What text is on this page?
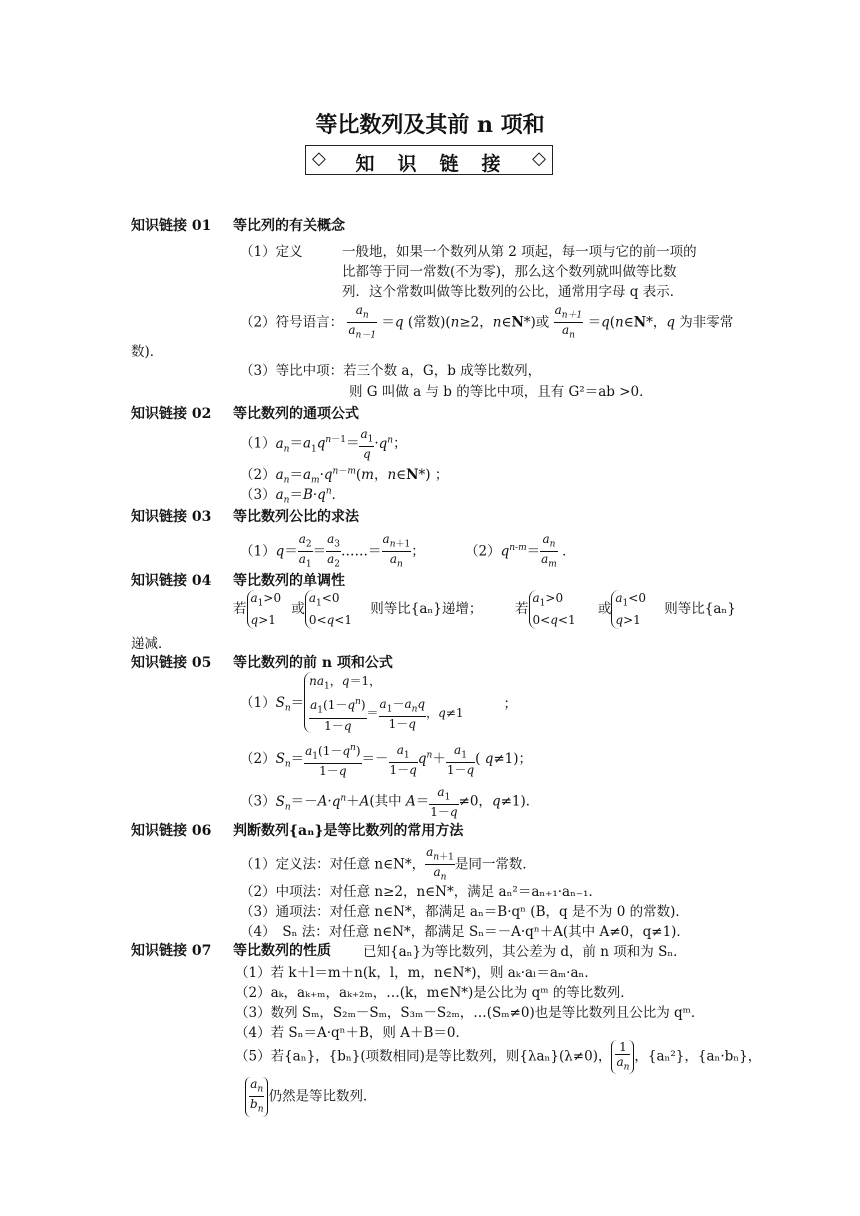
等比数列及其前 n 项和
◇	知　识　链　接	◇
知识链接 01 等比列的有关概念
（1）定义	一般地，如果一个数列从第 2 项起，每一项与它的前一项的
比都等于同一常数(不为零)，那么这个数列就叫做等比数
列．这个常数叫做等比数列的公比，通常用字母 q 表示．
（2）符号语言： $\frac{a_n}{a_{n-1}} =q$ (常数)(n≥2，n∈N*)或 $\frac{a_{n+1}}{a_n}$ ＝q(n∈N*，q 为非零常
数)．
（3）等比中项：若三个数 a，G，b 成等比数列，
则 G 叫做 a 与 b 的等比中项，且有 G²＝ab >0．
知识链接 02 等比数列的通项公式
$(1)a_n=a_1q^{n-1}= \frac{a_1}{q} \cdot q^n$；
$(2)a_n=a_m\cdot q^{n-m}(m$，n∈N*) ；
$(3)a_n=B\cdot q^n$．
知识链接 03 等比数列公比的求法
$(1)q= \frac{a_2}{a_1} = \frac{a_3}{a_2}$ ……＝ $\frac{a_{n+1}}{a_n}$ ；	$(2)q^{n-m}= \frac{a_n}{a_m}$ ．
知识链接 04 等比数列的单调性
若$a_1>0$
q>1 或$a_1<0$
0<q<1 则等比{aₙ}递增； 若$a_1>0$
0<q<1 或$a_1<0$
q>1 则等比{aₙ}
递减．
知识链接 05 等比数列的前 n 项和公式
$(1)S_n=na_1$，q＝1，

$\frac{a_1(1-q^n)}{1-q} = \frac{a_1-a_nq}{1-q}$ ，q≠1；
$(2)S_n= \frac{a_1(1-q^n)}{1-q} =- \frac{a_1}{1-q} q^n+ \frac{a_1}{1-q}$ ( q≠1)；
$(3)S_n=-A\cdot q^n+A$(其中 $A= \frac{a_1}{1-q} \ne 0$，q≠1)．
知识链接 06 判断数列{aₙ}是等比数列的常用方法
（1）定义法：对任意 n∈N*， $\frac{a_{n+1}}{a_n}$ 是同一常数．
（2）中项法：对任意 n≥2，n∈N*，满足 aₙ²＝aₙ₊₁·aₙ₋₁．
（3）通项法：对任意 n∈N*，都满足 aₙ＝B·qⁿ (B，q 是不为 0 的常数)．
（4）　Sₙ 法：对任意 n∈N*，都满足 Sₙ＝－A·qⁿ＋A(其中 A≠0，q≠1)．
知识链接 07 等比数列的性质 已知{aₙ}为等比数列，其公差为 d，前 n 项和为 Sₙ．
（1）若 k＋l＝m＋n(k，l，m，n∈N*)，则 aₖ·aₗ＝aₘ·aₙ．
（2）aₖ，aₖ₊ₘ，aₖ₊₂ₘ，…(k，m∈N*)是公比为 qᵐ 的等比数列．
（3）数列 Sₘ，S₂ₘ－Sₘ，S₃ₘ－S₂ₘ，…(Sₘ≠0)也是等比数列且公比为 qᵐ．
（4）若 Sₙ＝A·qⁿ＋B，则 A＋B＝0．
（5）若{aₙ}，{bₙ}(项数相同)是等比数列，则{λaₙ}(λ≠0)， $\frac{1}{a_n}$ ，{aₙ²}，{aₙ·bₙ}，
$\frac{a_n}{b_n}$ 仍然是等比数列．
